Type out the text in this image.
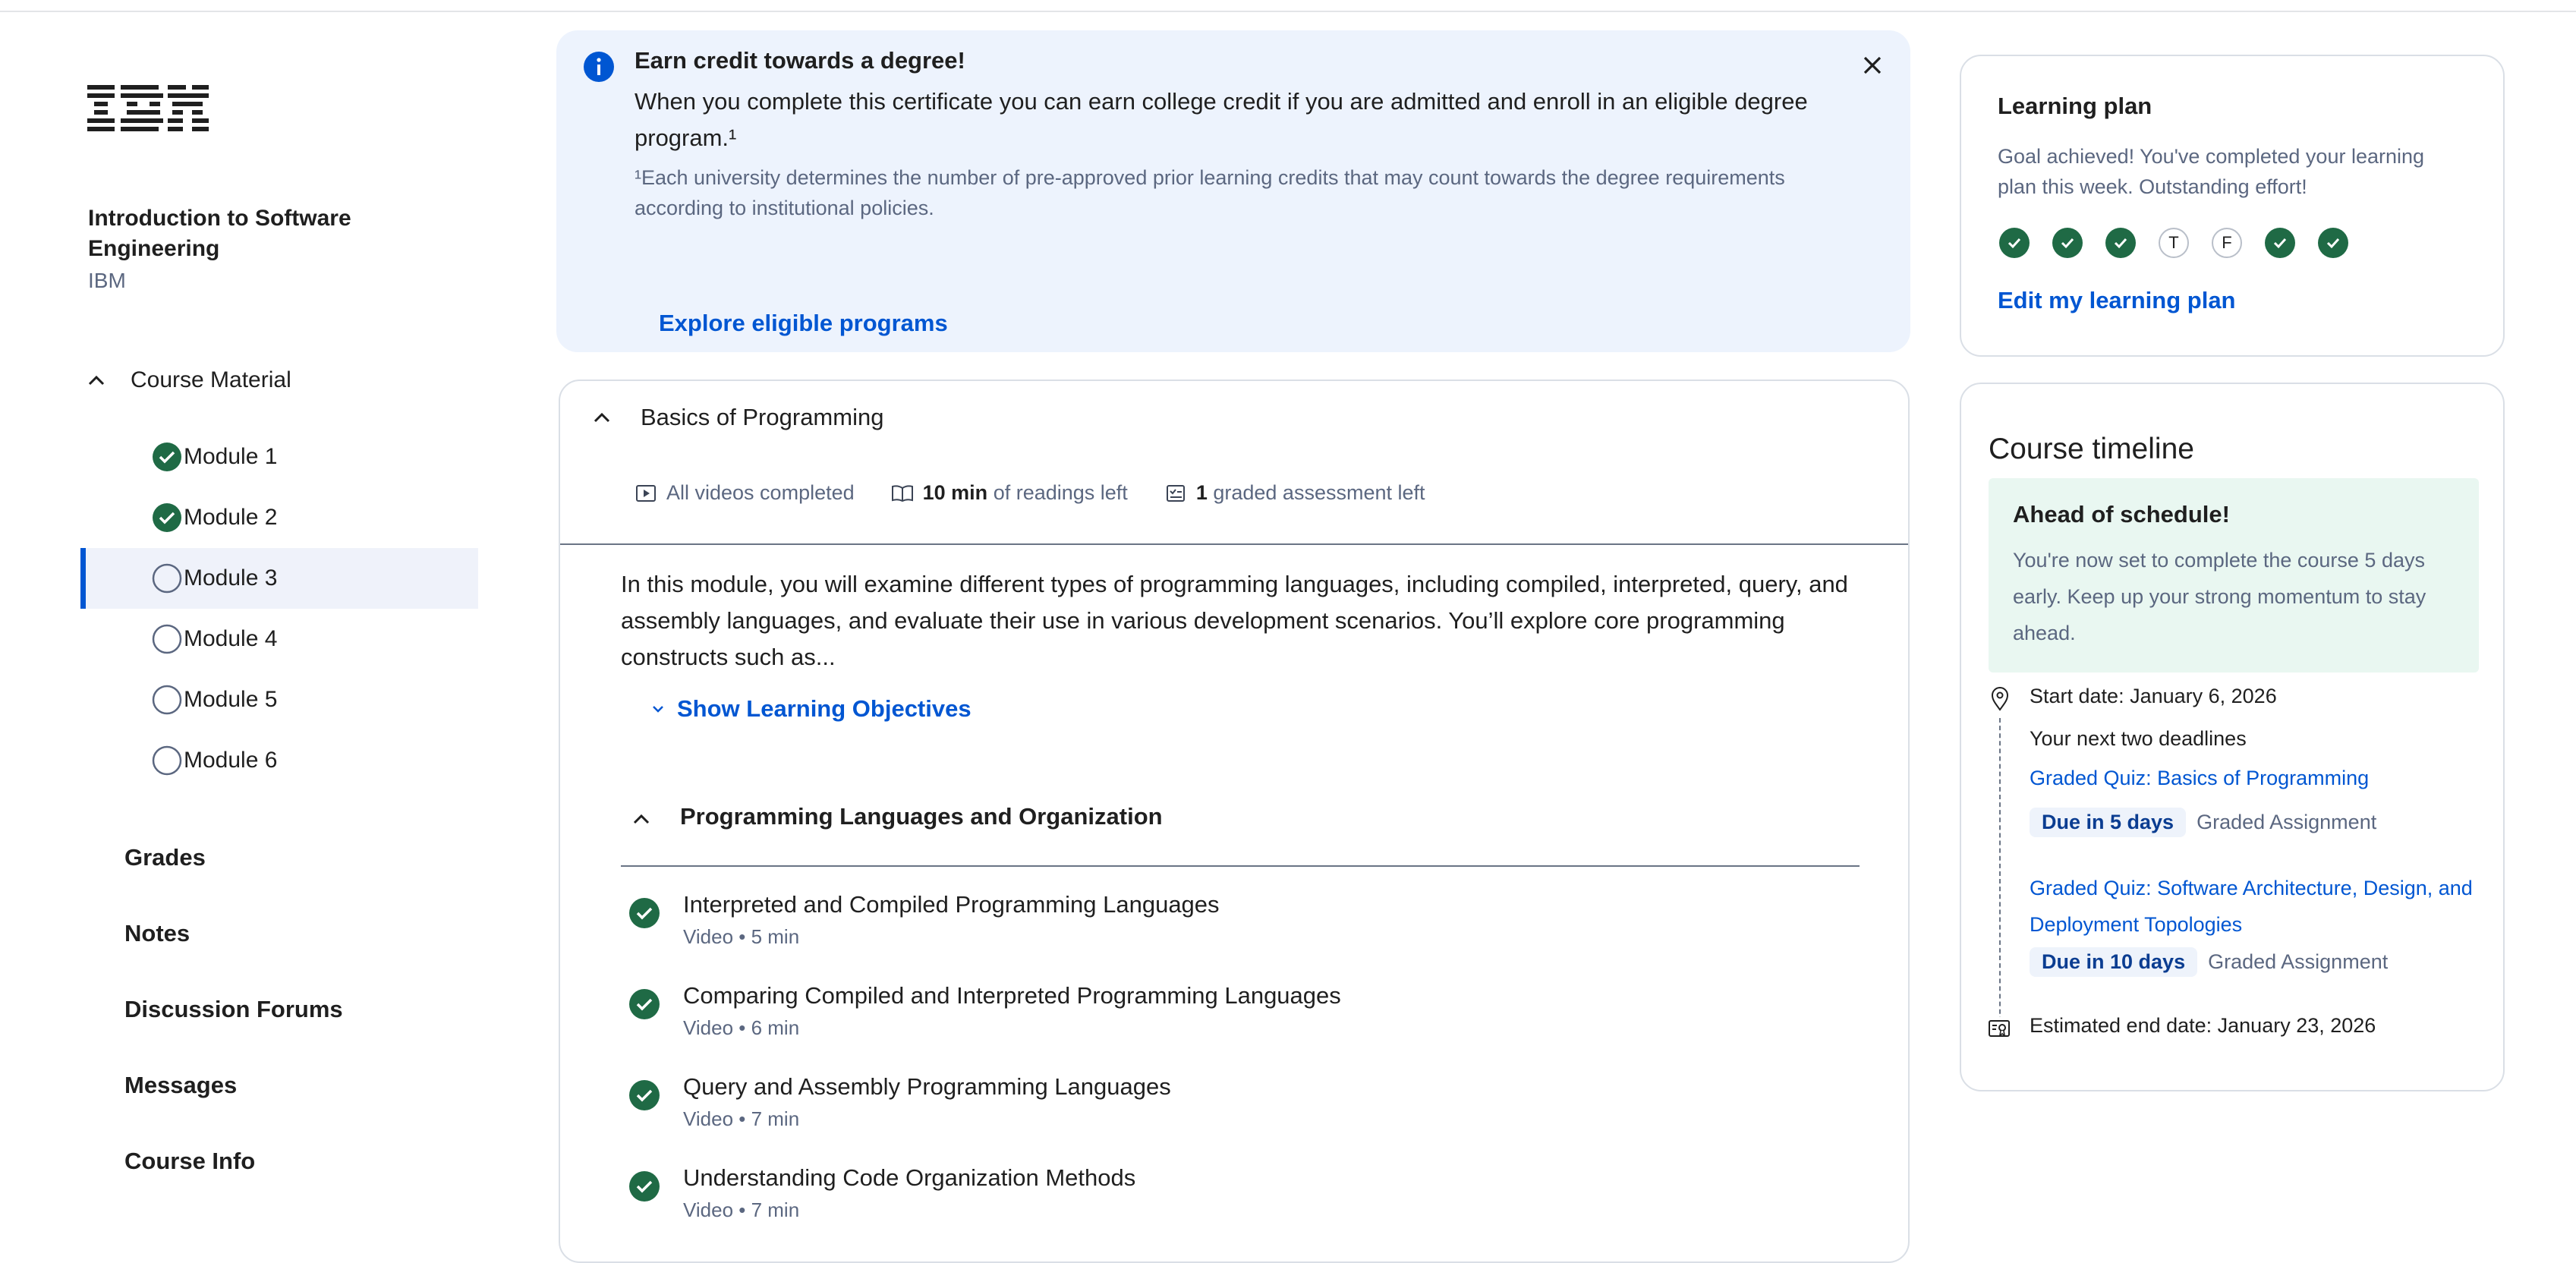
Introduction to Software Engineering
IBM
Course Material
Module 1
Module 2
Module 3
Module 4
Module 5
Module 6
Grades
Notes
Discussion Forums
Messages
Course Info
Earn credit towards a degree!
When you complete this certificate you can earn college credit if you are admitted and enroll in an eligible degree program.¹
¹Each university determines the number of pre-approved prior learning credits that may count towards the degree requirements according to institutional policies.
Explore eligible programs
Basics of Programming
All videos completed	10 min of readings left	1 graded assessment left
In this module, you will examine different types of programming languages, including compiled, interpreted, query, and assembly languages, and evaluate their use in various development scenarios. You’ll explore core programming constructs such as...
Show Learning Objectives
Programming Languages and Organization
Interpreted and Compiled Programming Languages
Video • 5 min
Comparing Compiled and Interpreted Programming Languages
Video • 6 min
Query and Assembly Programming Languages
Video • 7 min
Understanding Code Organization Methods
Video • 7 min
Learning plan
Goal achieved! You've completed your learning plan this week. Outstanding effort!
T	F
Edit my learning plan
Course timeline
Ahead of schedule!
You're now set to complete the course 5 days early. Keep up your strong momentum to stay ahead.
Start date: January 6, 2026
Your next two deadlines
Graded Quiz: Basics of Programming
Due in 5 days	Graded Assignment
Graded Quiz: Software Architecture, Design, and Deployment Topologies
Due in 10 days	Graded Assignment
Estimated end date: January 23, 2026
